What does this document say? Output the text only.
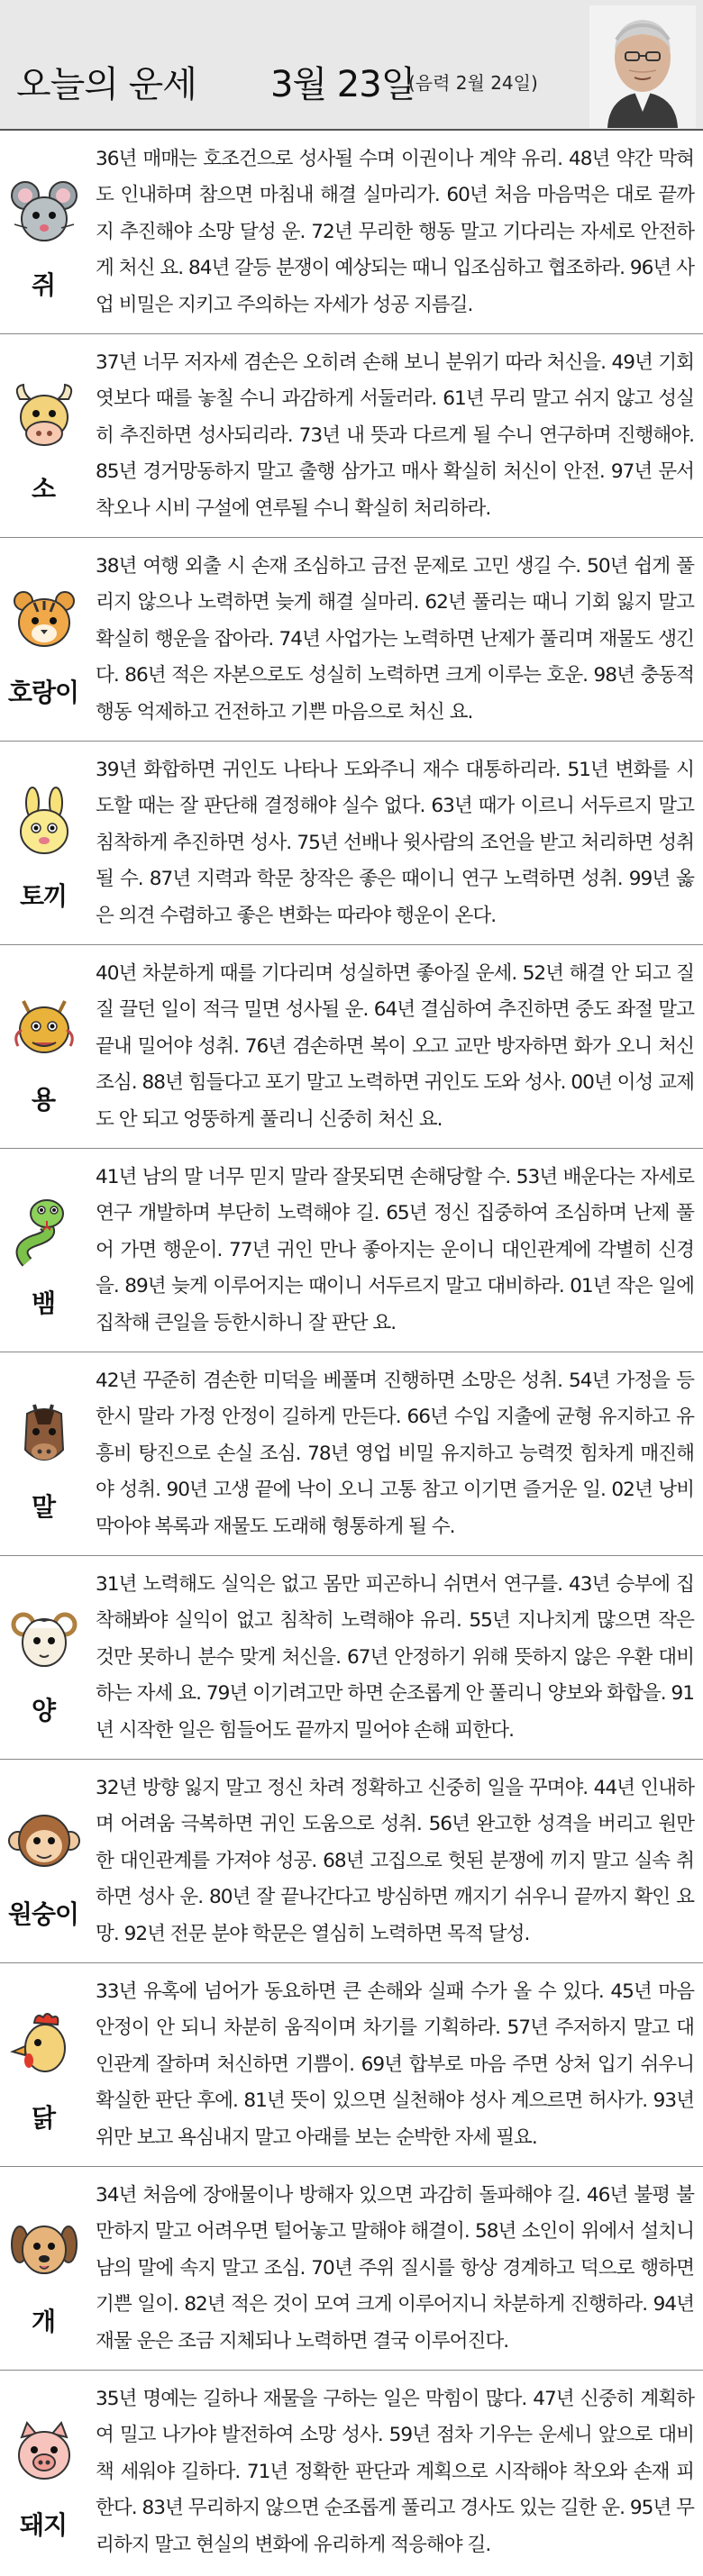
오늘의 운세 3월 23일
(음력 2월 24일)
쥐
36년 매매는 호조건으로 성사될 수며 이권이나 계약 유리. 48년 약간 막혀도 인내하며 참으면 마침내 해결 실마리가. 60년 처음 마음먹은 대로 끝까지 추진해야 소망 달성 운. 72년 무리한 행동 말고 기다리는 자세로 안전하게 처신 요. 84년 갈등 분쟁이 예상되는 때니 입조심하고 협조하라. 96년 사업 비밀은 지키고 주의하는 자세가 성공 지름길.
소
37년 너무 저자세 겸손은 오히려 손해 보니 분위기 따라 처신을. 49년 기회 엿보다 때를 놓칠 수니 과감하게 서둘러라. 61년 무리 말고 쉬지 않고 성실히 추진하면 성사되리라. 73년 내 뜻과 다르게 될 수니 연구하며 진행해야. 85년 경거망동하지 말고 출행 삼가고 매사 확실히 처신이 안전. 97년 문서착오나 시비 구설에 연루될 수니 확실히 처리하라.
호랑이
38년 여행 외출 시 손재 조심하고 금전 문제로 고민 생길 수. 50년 쉽게 풀리지 않으나 노력하면 늦게 해결 실마리. 62년 풀리는 때니 기회 잃지 말고 확실히 행운을 잡아라. 74년 사업가는 노력하면 난제가 풀리며 재물도 생긴다. 86년 적은 자본으로도 성실히 노력하면 크게 이루는 호운. 98년 충동적 행동 억제하고 건전하고 기쁜 마음으로 처신 요.
토끼
39년 화합하면 귀인도 나타나 도와주니 재수 대통하리라. 51년 변화를 시도할 때는 잘 판단해 결정해야 실수 없다. 63년 때가 이르니 서두르지 말고 침착하게 추진하면 성사. 75년 선배나 윗사람의 조언을 받고 처리하면 성취될 수. 87년 지력과 학문 창작은 좋은 때이니 연구 노력하면 성취. 99년 옳은 의견 수렴하고 좋은 변화는 따라야 행운이 온다.
용
40년 차분하게 때를 기다리며 성실하면 좋아질 운세. 52년 해결 안 되고 질질 끌던 일이 적극 밀면 성사될 운. 64년 결심하여 추진하면 중도 좌절 말고 끝내 밀어야 성취. 76년 겸손하면 복이 오고 교만 방자하면 화가 오니 처신 조심. 88년 힘들다고 포기 말고 노력하면 귀인도 도와 성사. 00년 이성 교제도 안 되고 엉뚱하게 풀리니 신중히 처신 요.
뱀
41년 남의 말 너무 믿지 말라 잘못되면 손해당할 수. 53년 배운다는 자세로 연구 개발하며 부단히 노력해야 길. 65년 정신 집중하여 조심하며 난제 풀어 가면 행운이. 77년 귀인 만나 좋아지는 운이니 대인관계에 각별히 신경을. 89년 늦게 이루어지는 때이니 서두르지 말고 대비하라. 01년 작은 일에 집착해 큰일을 등한시하니 잘 판단 요.
말
42년 꾸준히 겸손한 미덕을 베풀며 진행하면 소망은 성취. 54년 가정을 등한시 말라 가정 안정이 길하게 만든다. 66년 수입 지출에 균형 유지하고 유흥비 탕진으로 손실 조심. 78년 영업 비밀 유지하고 능력껏 힘차게 매진해야 성취. 90년 고생 끝에 낙이 오니 고통 참고 이기면 즐거운 일. 02년 낭비 막아야 복록과 재물도 도래해 형통하게 될 수.
양
31년 노력해도 실익은 없고 몸만 피곤하니 쉬면서 연구를. 43년 승부에 집착해봐야 실익이 없고 침착히 노력해야 유리. 55년 지나치게 많으면 작은 것만 못하니 분수 맞게 처신을. 67년 안정하기 위해 뜻하지 않은 우환 대비하는 자세 요. 79년 이기려고만 하면 순조롭게 안 풀리니 양보와 화합을. 91년 시작한 일은 힘들어도 끝까지 밀어야 손해 피한다.
원숭이
32년 방향 잃지 말고 정신 차려 정확하고 신중히 일을 꾸며야. 44년 인내하며 어려움 극복하면 귀인 도움으로 성취. 56년 완고한 성격을 버리고 원만한 대인관계를 가져야 성공. 68년 고집으로 헛된 분쟁에 끼지 말고 실속 취하면 성사 운. 80년 잘 끝나간다고 방심하면 깨지기 쉬우니 끝까지 확인 요망. 92년 전문 분야 학문은 열심히 노력하면 목적 달성.
닭
33년 유혹에 넘어가 동요하면 큰 손해와 실패 수가 올 수 있다. 45년 마음 안정이 안 되니 차분히 움직이며 차기를 기획하라. 57년 주저하지 말고 대인관계 잘하며 처신하면 기쁨이. 69년 합부로 마음 주면 상처 입기 쉬우니 확실한 판단 후에. 81년 뜻이 있으면 실천해야 성사 계으르면 허사가. 93년 위만 보고 욕심내지 말고 아래를 보는 순박한 자세 필요.
개
34년 처음에 장애물이나 방해자 있으면 과감히 돌파해야 길. 46년 불평 불만하지 말고 어려우면 털어놓고 말해야 해결이. 58년 소인이 위에서 설치니 남의 말에 속지 말고 조심. 70년 주위 질시를 항상 경계하고 덕으로 행하면 기쁜 일이. 82년 적은 것이 모여 크게 이루어지니 차분하게 진행하라. 94년 재물 운은 조금 지체되나 노력하면 결국 이루어진다.
돼지
35년 명예는 길하나 재물을 구하는 일은 막힘이 많다. 47년 신중히 계획하여 밀고 나가야 발전하여 소망 성사. 59년 점차 기우는 운세니 앞으로 대비책 세워야 길하다. 71년 정확한 판단과 계획으로 시작해야 착오와 손재 피한다. 83년 무리하지 않으면 순조롭게 풀리고 경사도 있는 길한 운. 95년 무리하지 말고 현실의 변화에 유리하게 적응해야 길.
